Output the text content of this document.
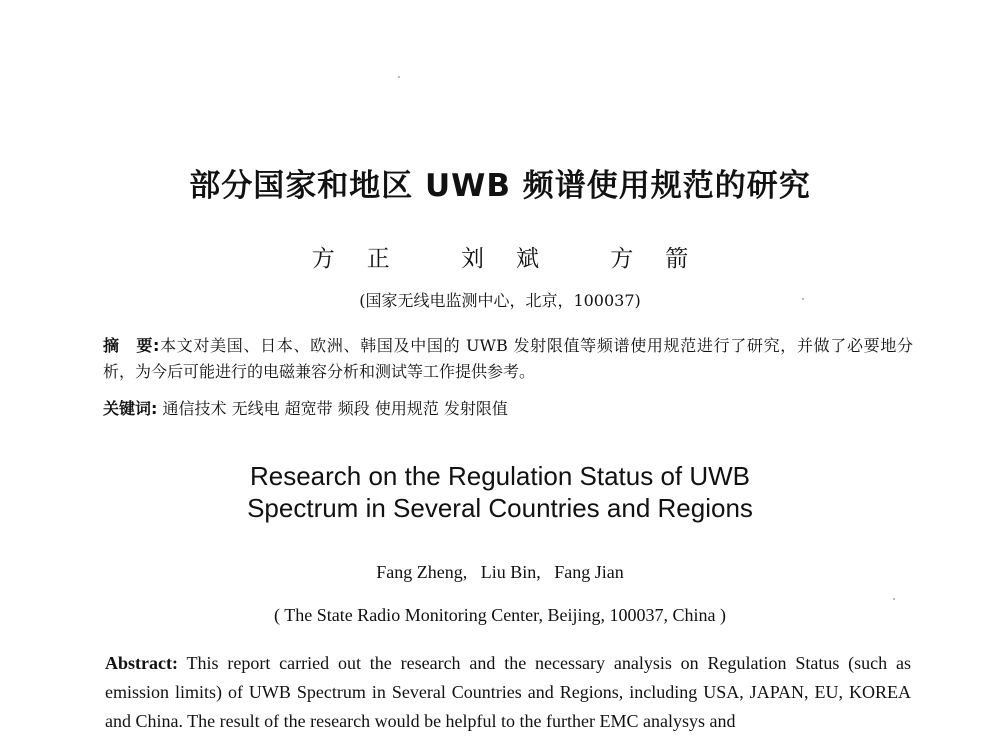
部分国家和地区 UWB 频谱使用规范的研究
方正 刘斌 方箭
(国家无线电监测中心，北京，100037)
摘　要:本文对美国、日本、欧洲、韩国及中国的 UWB 发射限值等频谱使用规范进行了研究，并做了必要地分析，为今后可能进行的电磁兼容分析和测试等工作提供参考。
关键词: 通信技术 无线电 超宽带 频段 使用规范 发射限值
Research on the Regulation Status of UWB
Spectrum in Several Countries and Regions
Fang Zheng,   Liu Bin,   Fang Jian
( The State Radio Monitoring Center, Beijing, 100037, China )
Abstract: This report carried out the research and the necessary analysis on Regulation Status (such as emission limits) of UWB Spectrum in Several Countries and Regions, including USA, JAPAN, EU, KOREA and China. The result of the research would be helpful to the further EMC analysys and
